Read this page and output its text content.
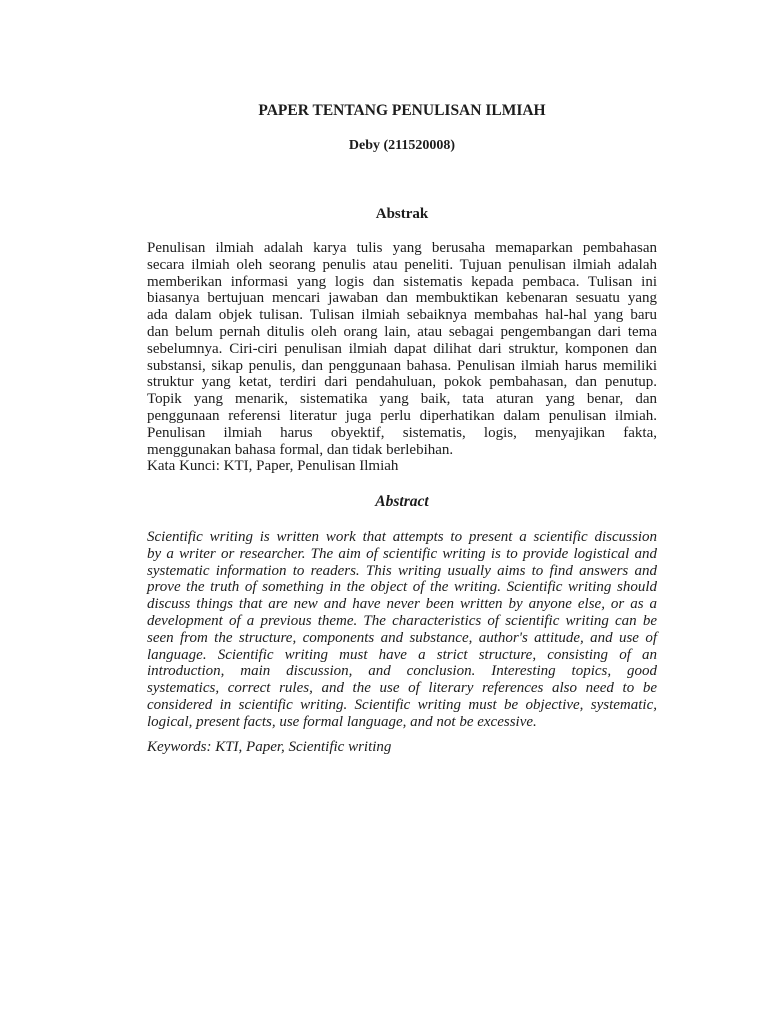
PAPER TENTANG PENULISAN ILMIAH
Deby (211520008)
Abstrak
Penulisan ilmiah adalah karya tulis yang berusaha memaparkan pembahasan
secara ilmiah oleh seorang penulis atau peneliti. Tujuan penulisan ilmiah adalah
memberikan informasi yang logis dan sistematis kepada pembaca. Tulisan ini
biasanya bertujuan mencari jawaban dan membuktikan kebenaran sesuatu yang
ada dalam objek tulisan. Tulisan ilmiah sebaiknya membahas hal-hal yang baru
dan belum pernah ditulis oleh orang lain, atau sebagai pengembangan dari tema
sebelumnya. Ciri-ciri penulisan ilmiah dapat dilihat dari struktur, komponen dan
substansi, sikap penulis, dan penggunaan bahasa. Penulisan ilmiah harus memiliki
struktur yang ketat, terdiri dari pendahuluan, pokok pembahasan, dan penutup.
Topik yang menarik, sistematika yang baik, tata aturan yang benar, dan
penggunaan referensi literatur juga perlu diperhatikan dalam penulisan ilmiah.
Penulisan ilmiah harus obyektif, sistematis, logis, menyajikan fakta,
menggunakan bahasa formal, dan tidak berlebihan.
Kata Kunci: KTI, Paper, Penulisan Ilmiah
Abstract
Scientific writing is written work that attempts to present a scientific discussion
by a writer or researcher. The aim of scientific writing is to provide logistical and
systematic information to readers. This writing usually aims to find answers and
prove the truth of something in the object of the writing. Scientific writing should
discuss things that are new and have never been written by anyone else, or as a
development of a previous theme. The characteristics of scientific writing can be
seen from the structure, components and substance, author's attitude, and use of
language. Scientific writing must have a strict structure, consisting of an
introduction, main discussion, and conclusion. Interesting topics, good
systematics, correct rules, and the use of literary references also need to be
considered in scientific writing. Scientific writing must be objective, systematic,
logical, present facts, use formal language, and not be excessive.
Keywords: KTI, Paper, Scientific writing
